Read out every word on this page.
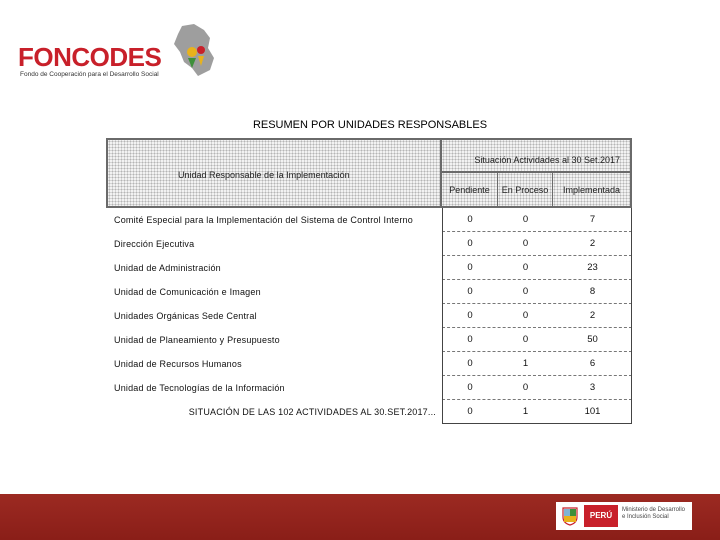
FONCODES
Fondo de Cooperación para el Desarrollo Social
RESUMEN POR UNIDADES RESPONSABLES
Unidad Responsable de la Implementación
Situación Actividades al 30 Set.2017
Pendiente	En Proceso	Implementada
Comité Especial para la Implementación del Sistema de Control Interno	0	0	7
Dirección Ejecutiva	0	0	2
Unidad de Administración	0	0	23
Unidad de Comunicación e Imagen	0	0	8
Unidades Orgánicas Sede Central	0	0	2
Unidad de Planeamiento y Presupuesto	0	0	50
Unidad de Recursos Humanos	0	1	6
Unidad de Tecnologías de la Información	0	0	3
SITUACIÓN DE LAS 102 ACTIVIDADES AL 30.SET.2017...	0	1	101
PERÚ
Ministerio de Desarrollo e Inclusión Social
